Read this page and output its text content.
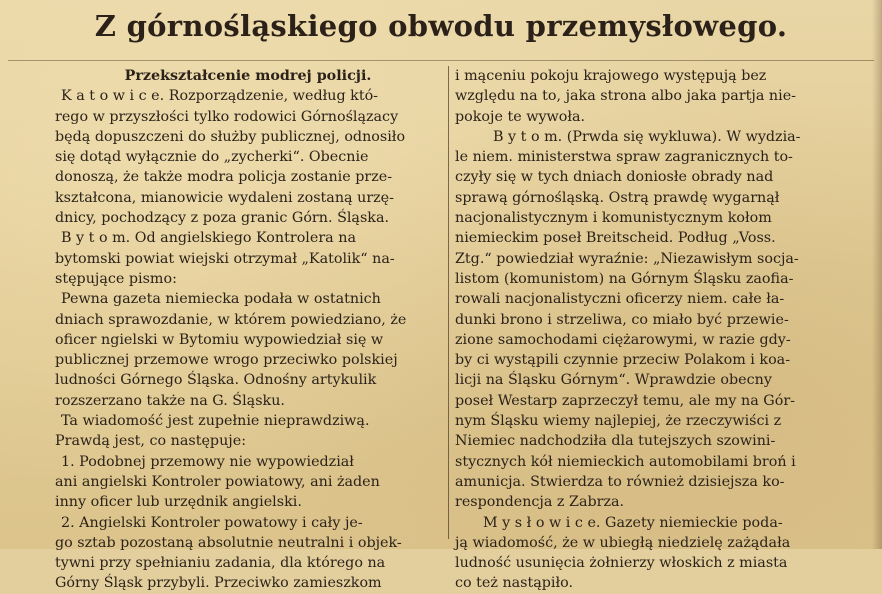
Z górnośląskiego obwodu przemysłowego.
Przekształcenie modrej policji.
K a t o w i c e. Rozporządzenie, według któ-
rego w przyszłości tylko rodowici Górnoślązacy
będą dopuszczeni do służby publicznej, odnosiło
się dotąd wyłącznie do „zycherki“. Obecnie
donoszą, że także modra policja zostanie prze-
kształcona, mianowicie wydaleni zostaną urzę-
dnicy, pochodzący z poza granic Górn. Śląska.
B y t o m. Od angielskiego Kontrolera na
bytomski powiat wiejski otrzymał „Katolik“ na-
stępujące pismo:
Pewna gazeta niemiecka podała w ostatnich
dniach sprawozdanie, w którem powiedziano, że
oficer ngielski w Bytomiu wypowiedział się w
publicznej przemowe wrogo przeciwko polskiej
ludności Górnego Śląska. Odnośny artykulik
rozszerzano także na G. Śląsku.
Ta wiadomość jest zupełnie nieprawdziwą.
Prawdą jest, co następuje:
1. Podobnej przemowy nie wypowiedział
ani angielski Kontroler powiatowy, ani żaden
inny oficer lub urzędnik angielski.
2. Angielski Kontroler powatowy i cały je-
go sztab pozostaną absolutnie neutralni i objek-
tywni przy spełnianiu zadania, dla którego na
Górny Śląsk przybyli. Przeciwko zamieszkom
i mąceniu pokoju krajowego występują bez
względu na to, jaka strona albo jaka partja nie-
pokoje te wywoła.
B y t o m. (Prwda się wykluwa). W wydzia-
le niem. ministerstwa spraw zagranicznych to-
czyły się w tych dniach doniosłe obrady nad
sprawą górnośląską. Ostrą prawdę wygarnął
nacjonalistycznym i komunistycznym kołom
niemieckim poseł Breitscheid. Podług „Voss.
Ztg.“ powiedział wyraźnie: „Niezawisłym socja-
listom (komunistom) na Górnym Śląsku zaofia-
rowali nacjonalistyczni oficerzy niem. całe ła-
dunki brono i strzeliwa, co miało być przewie-
zione samochodami ciężarowymi, w razie gdy-
by ci wystąpili czynnie przeciw Polakom i koa-
licji na Śląsku Górnym“. Wprawdzie obecny
poseł Westarp zaprzeczył temu, ale my na Gór-
nym Śląsku wiemy najlepiej, że rzeczywiści z
Niemiec nadchodziła dla tutejszych szowini-
stycznych kół niemieckich automobilami broń i
amunicja. Stwierdza to również dzisiejsza ko-
respondencja z Zabrza.
M y s ł o w i c e. Gazety niemieckie poda-
ją wiadomość, że w ubiegłą niedzielę zażądała
ludność usunięcia żołnierzy włoskich z miasta
co też nastąpiło.
